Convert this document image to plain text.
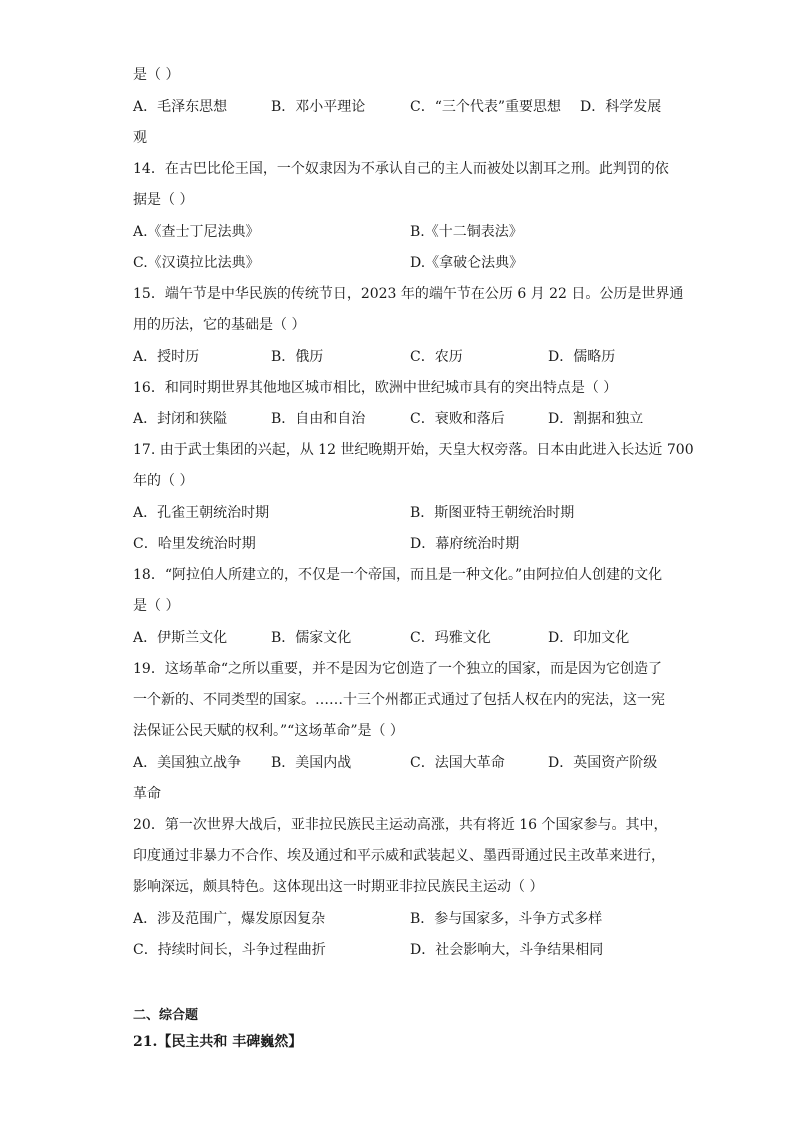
是（ ）
A．毛泽东思想	B．邓小平理论	C．“三个代表”重要思想 D．科学发展
观
14．在古巴比伦王国，一个奴隶因为不承认自己的主人而被处以割耳之刑。此判罚的依
据是（ ）
A.《查士丁尼法典》	B.《十二铜表法》
C.《汉谟拉比法典》	D.《拿破仑法典》
15．端午节是中华民族的传统节日，2023 年的端午节在公历 6 月 22 日。公历是世界通
用的历法，它的基础是（ ）
A．授时历	B．俄历	C．农历	D．儒略历
16．和同时期世界其他地区城市相比，欧洲中世纪城市具有的突出特点是（ ）
A．封闭和狭隘	B．自由和自治	C．衰败和落后	D．割据和独立
17. 由于武士集团的兴起，从 12 世纪晚期开始，天皇大权旁落。日本由此进入长达近 700
年的（ ）
A．孔雀王朝统治时期	B．斯图亚特王朝统治时期
C．哈里发统治时期	D．幕府统治时期
18．“阿拉伯人所建立的，不仅是一个帝国，而且是一种文化。”由阿拉伯人创建的文化
是（ ）
A．伊斯兰文化	B．儒家文化	C．玛雅文化	D．印加文化
19．这场革命“之所以重要，并不是因为它创造了一个独立的国家，而是因为它创造了
一个新的、不同类型的国家。……十三个州都正式通过了包括人权在内的宪法，这一宪
法保证公民天赋的权利。”“这场革命”是（ ）
A．美国独立战争 B．美国内战	C．法国大革命	D．英国资产阶级
革命
20．第一次世界大战后，亚非拉民族民主运动高涨，共有将近 16 个国家参与。其中，
印度通过非暴力不合作、埃及通过和平示威和武装起义、墨西哥通过民主改革来进行，
影响深远，颇具特色。这体现出这一时期亚非拉民族民主运动（ ）
A．涉及范围广，爆发原因复杂	B．参与国家多，斗争方式多样
C．持续时间长，斗争过程曲折	D．社会影响大，斗争结果相同
二、综合题
21.【民主共和 丰碑巍然】
